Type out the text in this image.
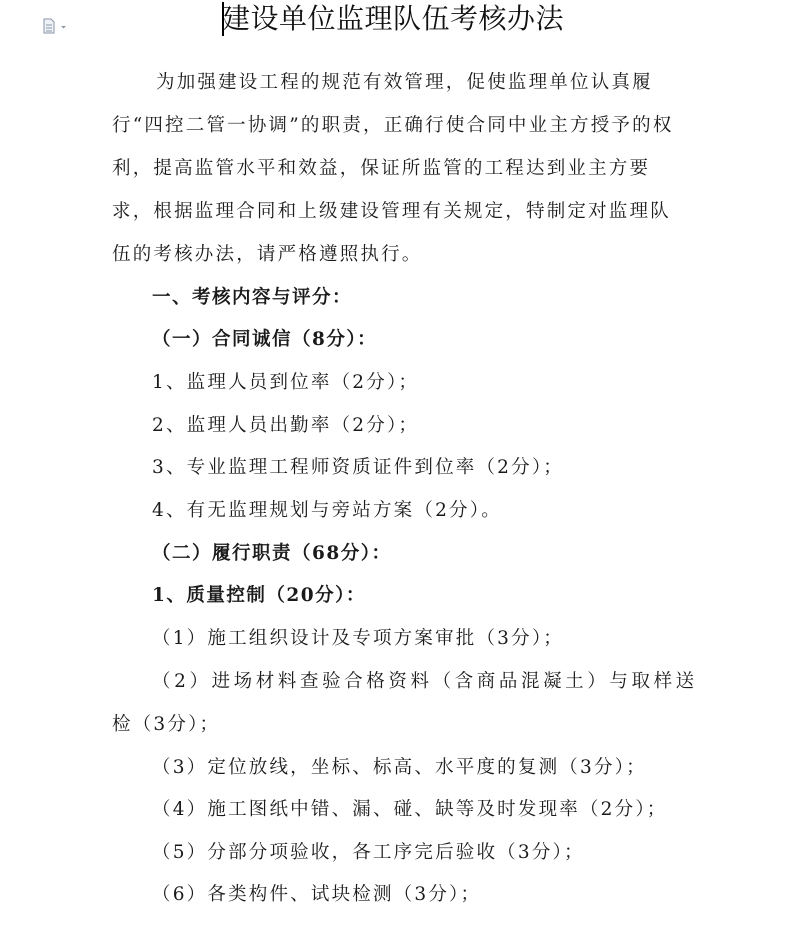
建设单位监理队伍考核办法
为加强建设工程的规范有效管理，促使监理单位认真履行“四控二管一协调”的职责，正确行使合同中业主方授予的权利，提高监管水平和效益，保证所监管的工程达到业主方要求，根据监理合同和上级建设管理有关规定，特制定对监理队伍的考核办法，请严格遵照执行。
一、考核内容与评分：
（一）合同诚信（8分）：
1、监理人员到位率（2分）；
2、监理人员出勤率（2分）；
3、专业监理工程师资质证件到位率（2分）；
4、有无监理规划与旁站方案（2分）。
（二）履行职责（68分）：
1、质量控制（20分）：
（1）施工组织设计及专项方案审批（3分）；
（2）进场材料查验合格资料（含商品混凝土）与取样送
检（3分）；
（3）定位放线，坐标、标高、水平度的复测（3分）；
（4）施工图纸中错、漏、碰、缺等及时发现率（2分）；
（5）分部分项验收，各工序完后验收（3分）；
（6）各类构件、试块检测（3分）；
